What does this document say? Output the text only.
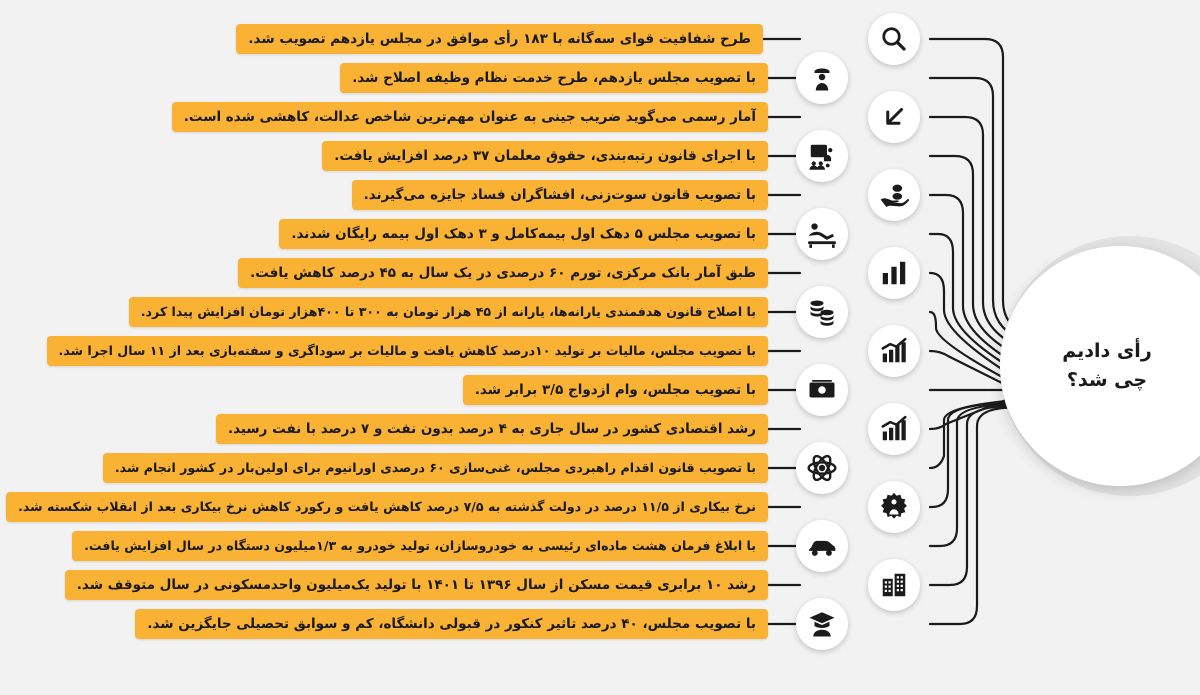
طرح شفافیت قوای سه‌گانه با ۱۸۳ رأی موافق در مجلس یازدهم تصویب شد.
با تصویب مجلس یازدهم، طرح خدمت نظام وظیفه اصلاح شد.
آمار رسمی می‌گوید ضریب جینی به عنوان مهم‌ترین شاخص عدالت، کاهشی شده است.
با اجرای قانون رتبه‌بندی، حقوق معلمان ۳۷ درصد افزایش یافت.
با تصویب قانون سوت‌زنی، افشاگران فساد جایزه می‌گیرند.
با تصویب مجلس ۵ دهک اول بیمه‌کامل و ۳ دهک اول بیمه رایگان شدند.
طبق آمار بانک مرکزی، تورم ۶۰ درصدی در یک سال به ۴۵ درصد کاهش یافت.
با اصلاح قانون هدفمندی یارانه‌ها، یارانه از ۴۵ هزار تومان به ۳۰۰ تا ۴۰۰هزار تومان افزایش پیدا کرد.
با تصویب مجلس، مالیات بر تولید ۱۰درصد کاهش یافت و مالیات بر سوداگری و سفته‌بازی بعد از ۱۱ سال اجرا شد.
با تصویب مجلس، وام ازدواج ۳/۵ برابر شد.
رشد اقتصادی کشور در سال جاری به ۴ درصد بدون نفت و ۷ درصد با نفت رسید.
با تصویب قانون اقدام راهبردی مجلس، غنی‌سازی ۶۰ درصدی اورانیوم برای اولین‌بار در کشور انجام شد.
نرخ بیکاری از ۱۱/۵ درصد در دولت گذشته به ۷/۵ درصد کاهش یافت و رکورد کاهش نرخ بیکاری بعد از انقلاب شکسته شد.
با ابلاغ فرمان هشت ماده‌ای رئیسی به خودروسازان، تولید خودرو به ۱/۳میلیون دستگاه در سال افزایش یافت.
رشد ۱۰ برابری قیمت مسکن از سال ۱۳۹۶ تا ۱۴۰۱ با تولید یک‌میلیون واحدمسکونی در سال متوقف شد.
با تصویب مجلس، ۴۰ درصد تاثیر کنکور در قبولی دانشگاه، کم و سوابق تحصیلی جایگزین شد.
رأی دادیم
چی شد؟
